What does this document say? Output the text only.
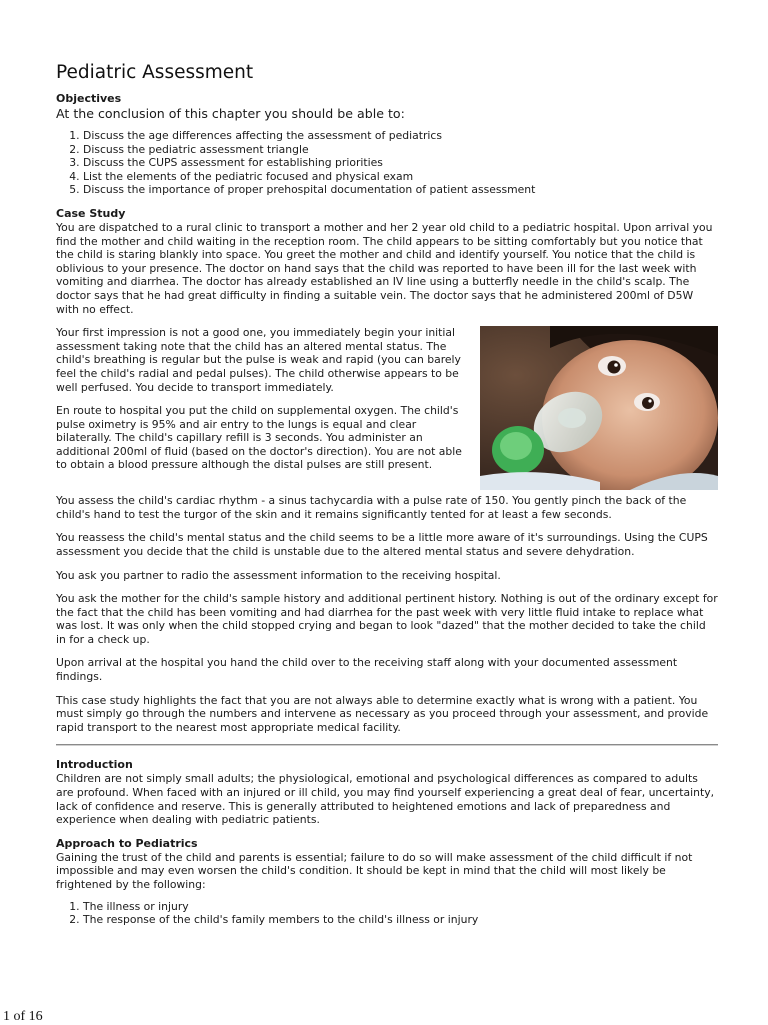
Pediatric Assessment
Objectives
At the conclusion of this chapter you should be able to:
1. Discuss the age differences affecting the assessment of pediatrics
2. Discuss the pediatric assessment triangle
3. Discuss the CUPS assessment for establishing priorities
4. List the elements of the pediatric focused and physical exam
5. Discuss the importance of proper prehospital documentation of patient assessment
Case Study

You are dispatched to a rural clinic to transport a mother and her 2 year old child to a pediatric hospital. Upon arrival you find the mother and child waiting in the reception room. The child appears to be sitting comfortably but you notice that the child is staring blankly into space. You greet the mother and child and identify yourself. You notice that the child is oblivious to your presence. The doctor on hand says that the child was reported to have been ill for the last week with vomiting and diarrhea. The doctor has already established an IV line using a butterfly needle in the child's scalp. The doctor says that he had great difficulty in finding a suitable vein. The doctor says that he administered 200ml of D5W with no effect.

Your first impression is not a good one, you immediately begin your initial assessment taking note that the child has an altered mental status. The child's breathing is regular but the pulse is weak and rapid (you can barely feel the child's radial and pedal pulses). The child otherwise appears to be well perfused. You decide to transport immediately.

En route to hospital you put the child on supplemental oxygen. The child's pulse oximetry is 95% and air entry to the lungs is equal and clear bilaterally. The child's capillary refill is 3 seconds. You administer an additional 200ml of fluid (based on the doctor's direction). You are not able to obtain a blood pressure although the distal pulses are still present.

You assess the child's cardiac rhythm - a sinus tachycardia with a pulse rate of 150. You gently pinch the back of the child's hand to test the turgor of the skin and it remains significantly tented for at least a few seconds.

You reassess the child's mental status and the child seems to be a little more aware of it's surroundings. Using the CUPS assessment you decide that the child is unstable due to the altered mental status and severe dehydration.

You ask you partner to radio the assessment information to the receiving hospital.

You ask the mother for the child's sample history and additional pertinent history. Nothing is out of the ordinary except for the fact that the child has been vomiting and had diarrhea for the past week with very little fluid intake to replace what was lost. It was only when the child stopped crying and began to look "dazed" that the mother decided to take the child in for a check up.

Upon arrival at the hospital you hand the child over to the receiving staff along with your documented assessment findings.

This case study highlights the fact that you are not always able to determine exactly what is wrong with a patient. You must simply go through the numbers and intervene as necessary as you proceed through your assessment, and provide rapid transport to the nearest most appropriate medical facility.

Introduction

Children are not simply small adults; the physiological, emotional and psychological differences as compared to adults are profound. When faced with an injured or ill child, you may find yourself experiencing a great deal of fear, uncertainty, lack of confidence and reserve. This is generally attributed to heightened emotions and lack of preparedness and experience when dealing with pediatric patients.

Approach to Pediatrics

Gaining the trust of the child and parents is essential; failure to do so will make assessment of the child difficult if not impossible and may even worsen the child's condition. It should be kept in mind that the child will most likely be frightened by the following:

1. The illness or injury
2. The response of the child's family members to the child's illness or injury
1 of 16
